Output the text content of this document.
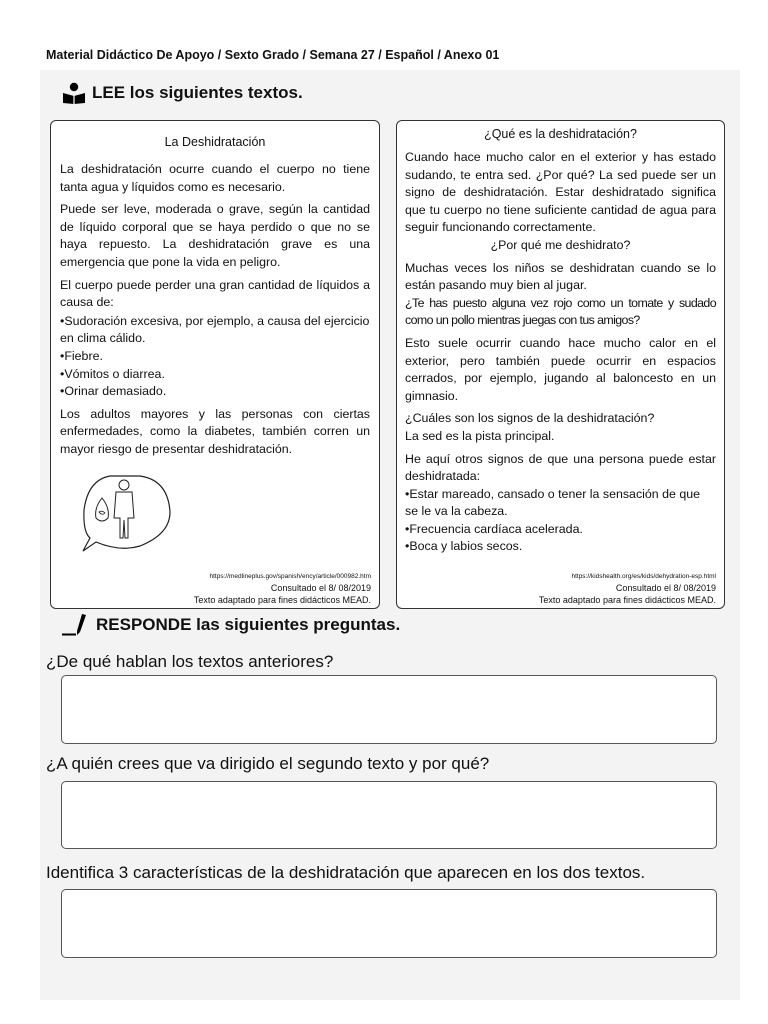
Material Didáctico De Apoyo / Sexto Grado / Semana 27 / Español / Anexo 01
LEE los siguientes textos.
La Deshidratación

La deshidratación ocurre cuando el cuerpo no tiene tanta agua y líquidos como es necesario.

Puede ser leve, moderada o grave, según la cantidad de líquido corporal que se haya perdido o que no se haya repuesto. La deshidratación grave es una emergencia que pone la vida en peligro.

El cuerpo puede perder una gran cantidad de líquidos a causa de:

•Sudoración excesiva, por ejemplo, a causa del ejercicio en clima cálido.

•Fiebre.

•Vómitos o diarrea.

•Orinar demasiado.

Los adultos mayores y las personas con ciertas enfermedades, como la diabetes, también corren un mayor riesgo de presentar deshidratación.

https://medlineplus.gov/spanish/ency/article/000982.htm
Consultado el 8/ 08/2019
Texto adaptado para fines didácticos MEAD.
¿Qué es la deshidratación?

Cuando hace mucho calor en el exterior y has estado sudando, te entra sed. ¿Por qué? La sed puede ser un signo de deshidratación. Estar deshidratado significa que tu cuerpo no tiene suficiente cantidad de agua para seguir funcionando correctamente.

¿Por qué me deshidrato?

Muchas veces los niños se deshidratan cuando se lo están pasando muy bien al jugar.

¿Te has puesto alguna vez rojo como un tomate y sudado como un pollo mientras juegas con tus amigos?

Esto suele ocurrir cuando hace mucho calor en el exterior, pero también puede ocurrir en espacios cerrados, por ejemplo, jugando al baloncesto en un gimnasio.

¿Cuáles son los signos de la deshidratación?

La sed es la pista principal.

He aquí otros signos de que una persona puede estar deshidratada:

•Estar mareado, cansado o tener la sensación de que se le va la cabeza.

•Frecuencia cardíaca acelerada.

•Boca y labios secos.

https://kidshealth.org/es/kids/dehydration-esp.html
Consultado el 8/ 08/2019
Texto adaptado para fines didácticos MEAD.
RESPONDE las siguientes preguntas.
¿De qué hablan los textos anteriores?
¿A quién crees que va dirigido el segundo texto y por qué?
Identifica 3 características de la deshidratación que aparecen en los dos textos.
